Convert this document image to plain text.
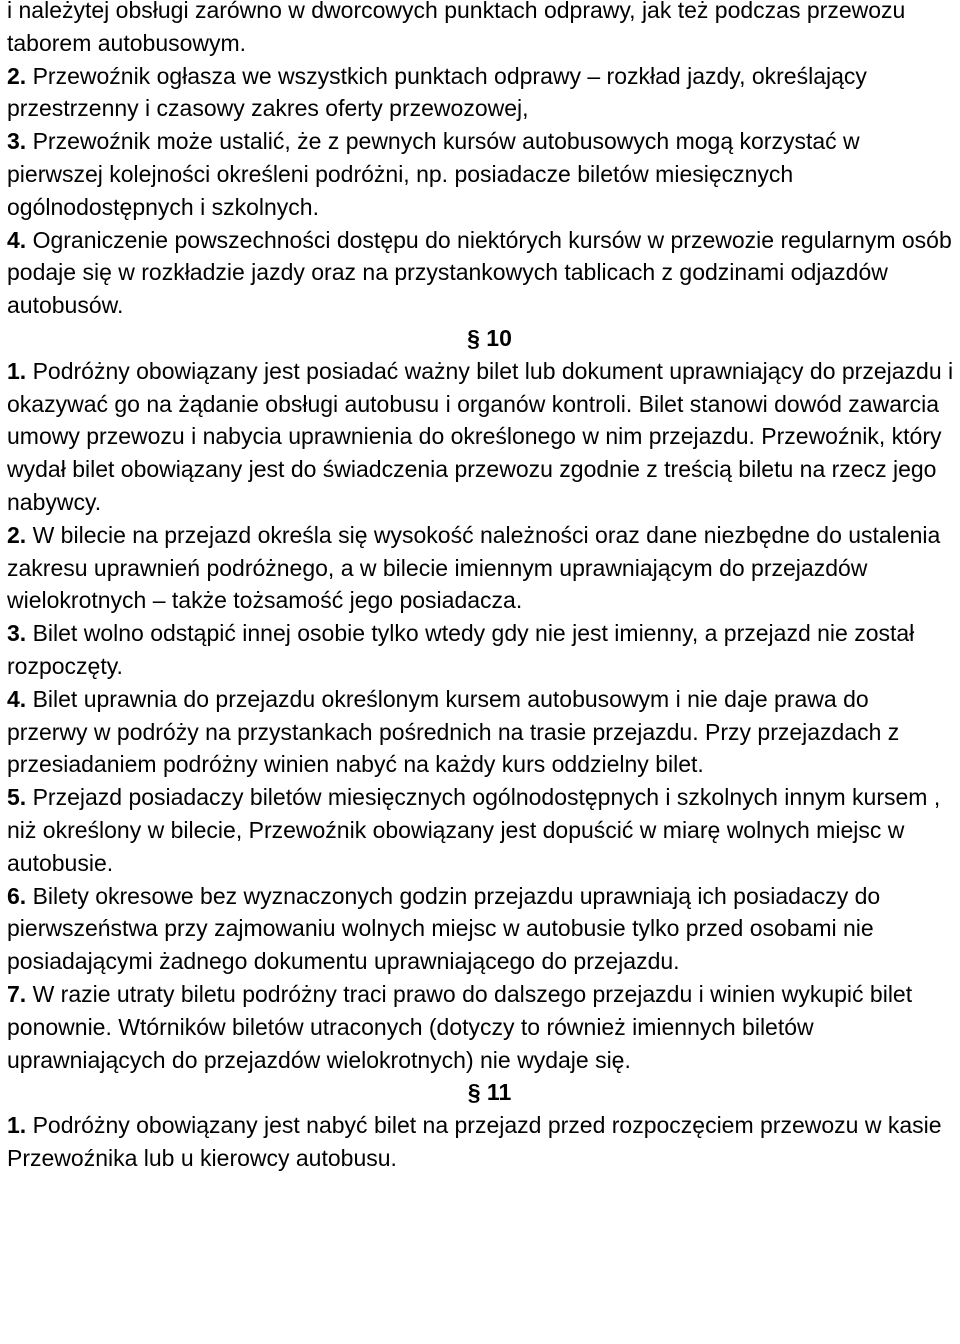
i należytej obsługi zarówno w dworcowych punktach odprawy, jak też podczas przewozu taborem autobusowym.

2. Przewoźnik ogłasza we wszystkich punktach odprawy – rozkład jazdy, określający przestrzenny i czasowy zakres oferty przewozowej,

3. Przewoźnik może ustalić, że z pewnych kursów autobusowych mogą korzystać w pierwszej kolejności określeni podróżni, np. posiadacze biletów miesięcznych ogólnodostępnych i szkolnych.

4. Ograniczenie powszechności dostępu do niektórych kursów w przewozie regularnym osób podaje się w rozkładzie jazdy oraz na przystankowych tablicach z godzinami odjazdów autobusów.

§ 10

1. Podróżny obowiązany jest posiadać ważny bilet lub dokument uprawniający do przejazdu i okazywać go na żądanie obsługi autobusu i organów kontroli. Bilet stanowi dowód zawarcia umowy przewozu i nabycia uprawnienia do określonego w nim przejazdu. Przewoźnik, który wydał bilet obowiązany jest do świadczenia przewozu zgodnie z treścią biletu na rzecz jego nabywcy.

2. W bilecie na przejazd określa się wysokość należności oraz dane niezbędne do ustalenia zakresu uprawnień podróżnego, a w bilecie imiennym uprawniającym do przejazdów wielokrotnych – także tożsamość jego posiadacza.

3. Bilet wolno odstąpić innej osobie tylko wtedy gdy nie jest imienny, a przejazd nie został rozpoczęty.

4. Bilet uprawnia do przejazdu określonym kursem autobusowym i nie daje prawa do przerwy w podróży na przystankach pośrednich na trasie przejazdu. Przy przejazdach z przesiadaniem podróżny winien nabyć na każdy kurs oddzielny bilet.

5. Przejazd posiadaczy biletów miesięcznych ogólnodostępnych i szkolnych innym kursem , niż określony w bilecie, Przewoźnik obowiązany jest dopuścić w miarę wolnych miejsc w autobusie.

6. Bilety okresowe bez wyznaczonych godzin przejazdu uprawniają ich posiadaczy do pierwszeństwa przy zajmowaniu wolnych miejsc w autobusie tylko przed osobami nie posiadającymi żadnego dokumentu uprawniającego do przejazdu.

7. W razie utraty biletu podróżny traci prawo do dalszego przejazdu i winien wykupić bilet ponownie. Wtórników biletów utraconych (dotyczy to również imiennych biletów uprawniających do przejazdów wielokrotnych) nie wydaje się.

§ 11

1. Podróżny obowiązany jest nabyć bilet na przejazd przed rozpoczęciem przewozu w kasie Przewoźnika lub u kierowcy autobusu.
